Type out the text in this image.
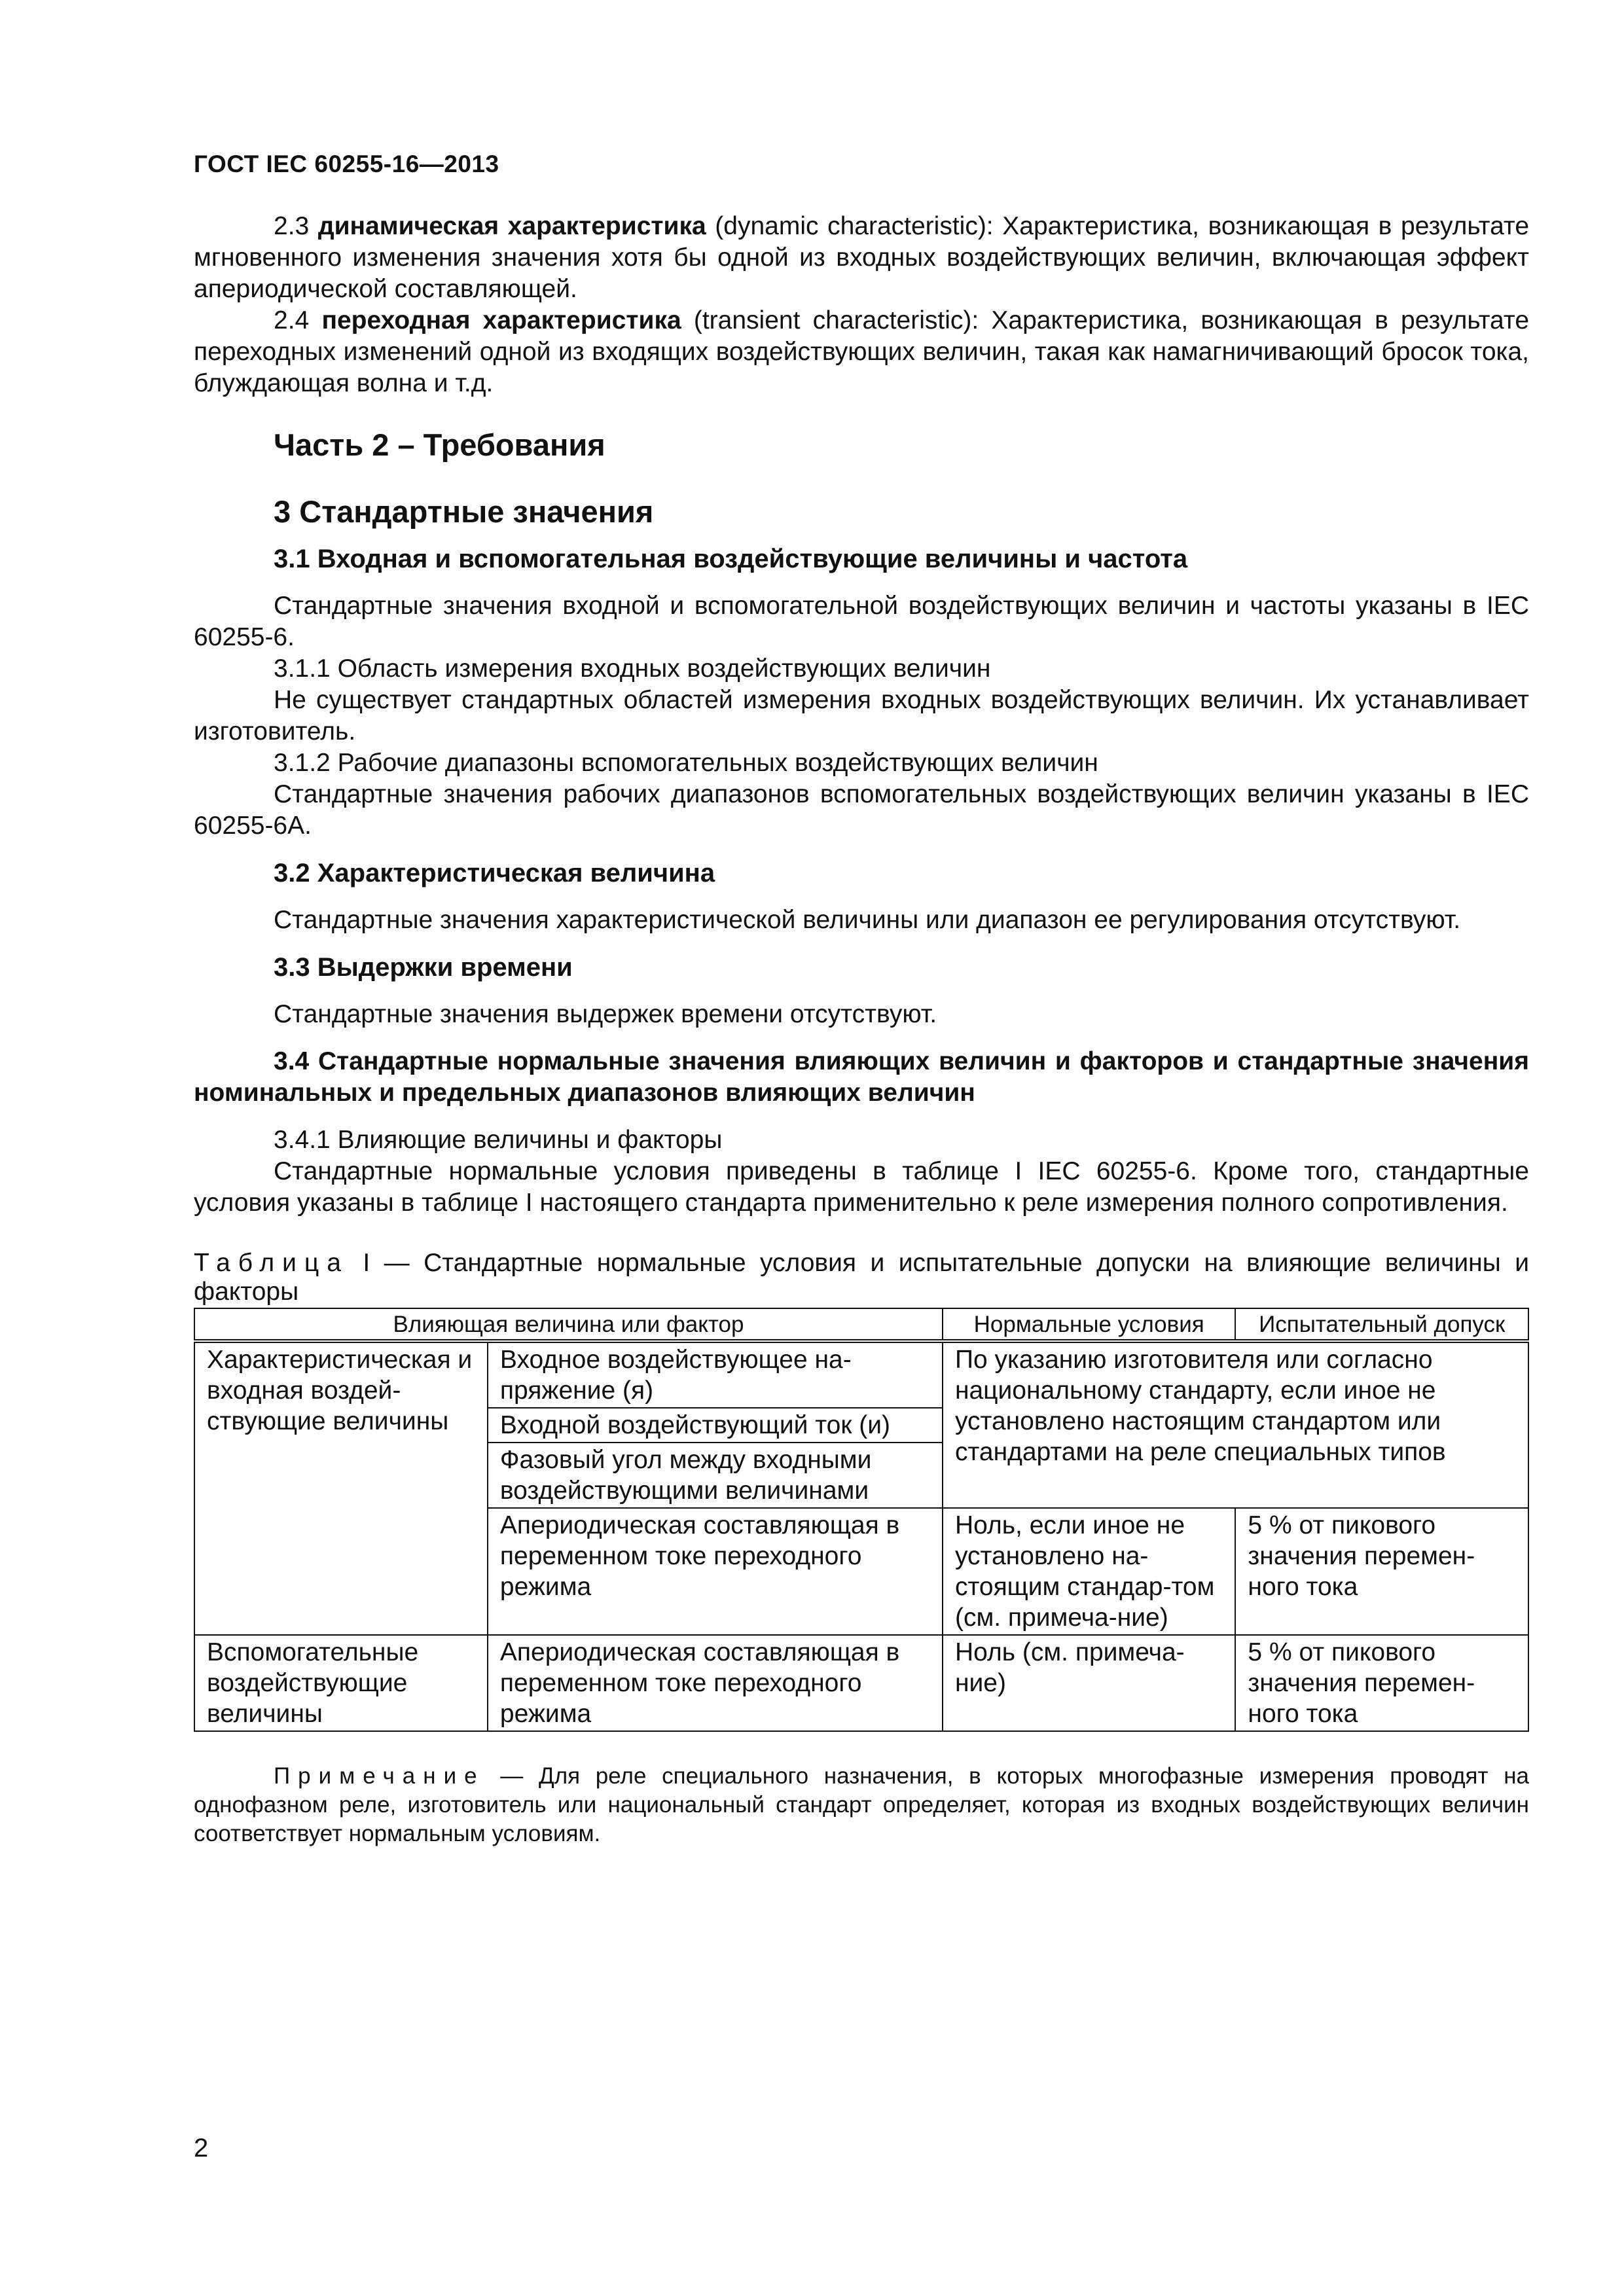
ГОСТ IEC 60255-16—2013

2.3 динамическая характеристика (dynamic characteristic): Характеристика, возникающая в результате мгновенного изменения значения хотя бы одной из входных воздействующих величин, включающая эффект апериодической составляющей.

2.4 переходная характеристика (transient characteristic): Характеристика, возникающая в результате переходных изменений одной из входящих воздействующих величин, такая как намагничивающий бросок тока, блуждающая волна и т.д.

Часть 2 – Требования
3 Стандартные значения
3.1 Входная и вспомогательная воздействующие величины и частота

Стандартные значения входной и вспомогательной воздействующих величин и частоты указаны в IEC 60255-6.

3.1.1 Область измерения входных воздействующих величин

Не существует стандартных областей измерения входных воздействующих величин. Их устанавливает изготовитель.

3.1.2 Рабочие диапазоны вспомогательных воздействующих величин

Стандартные значения рабочих диапазонов вспомогательных воздействующих величин указаны в IEC 60255-6A.

3.2 Характеристическая величина

Стандартные значения характеристической величины или диапазон ее регулирования отсутствуют.

3.3 Выдержки времени

Стандартные значения выдержек времени отсутствуют.

3.4 Стандартные нормальные значения влияющих величин и факторов и стандартные значения номинальных и предельных диапазонов влияющих величин

3.4.1 Влияющие величины и факторы

Стандартные нормальные условия приведены в таблице I IEC 60255-6. Кроме того, стандартные условия указаны в таблице I настоящего стандарта применительно к реле измерения полного сопротивления.

Таблица I — Стандартные нормальные условия и испытательные допуски на влияющие величины и факторы
Влияющая величина или фактор		Нормальные условия	Испытательный допуск
Характеристическая и входная воздей-ствующие величины	Входное воздействующее на-пряжение (я)	По указанию изготовителя или согласно национальному стандарту, если иное не установлено настоящим стандартом или стандартами на реле специальных типов	
	Входной воздействующий ток (и)		
	Фазовый угол между входными воздействующими величинами		
	Апериодическая составляющая в переменном токе переходного режима	Ноль, если иное не установлено на-стоящим стандар-том (см. примеча-ние)	5 % от пикового значения перемен-ного тока
Вспомогательные воздействующие величины	Апериодическая составляющая в переменном токе переходного режима	Ноль (см. примеча-ние)	5 % от пикового значения перемен-ного тока
Примечание — Для реле специального назначения, в которых многофазные измерения проводят на однофазном реле, изготовитель или национальный стандарт определяет, которая из входных воздействующих величин соответствует нормальным условиям.
2
